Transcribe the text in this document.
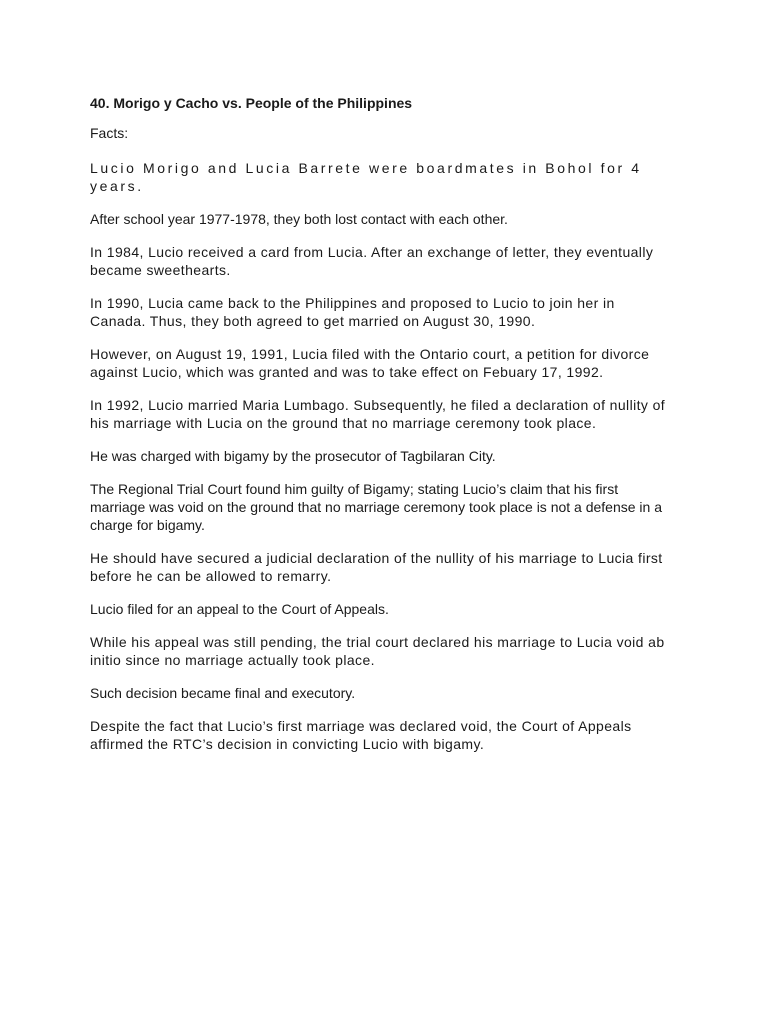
40. Morigo y Cacho vs. People of the Philippines
Facts:
Lucio Morigo and Lucia Barrete were boardmates in Bohol for 4 years.
After school year 1977-1978, they both lost contact with each other.
In 1984, Lucio received a card from Lucia. After an exchange of letter, they eventually became sweethearts.
In 1990, Lucia came back to the Philippines and proposed to Lucio to join her in Canada. Thus, they both agreed to get married on August 30, 1990.
However, on August 19, 1991, Lucia filed with the Ontario court, a petition for divorce against Lucio, which was granted and was to take effect on Febuary 17, 1992.
In 1992, Lucio married Maria Lumbago. Subsequently, he filed a declaration of nullity of his marriage with Lucia on the ground that no marriage ceremony took place.
He was charged with bigamy by the prosecutor of Tagbilaran City.
The Regional Trial Court found him guilty of Bigamy; stating Lucio’s claim that his first marriage was void on the ground that no marriage ceremony took place is not a defense in a charge for bigamy.
He should have secured a judicial declaration of the nullity of his marriage to Lucia first before he can be allowed to remarry.
Lucio filed for an appeal to the Court of Appeals.
While his appeal was still pending, the trial court declared his marriage to Lucia void ab initio since no marriage actually took place.
Such decision became final and executory.
Despite the fact that Lucio’s first marriage was declared void, the Court of Appeals affirmed the RTC’s decision in convicting Lucio with bigamy.
